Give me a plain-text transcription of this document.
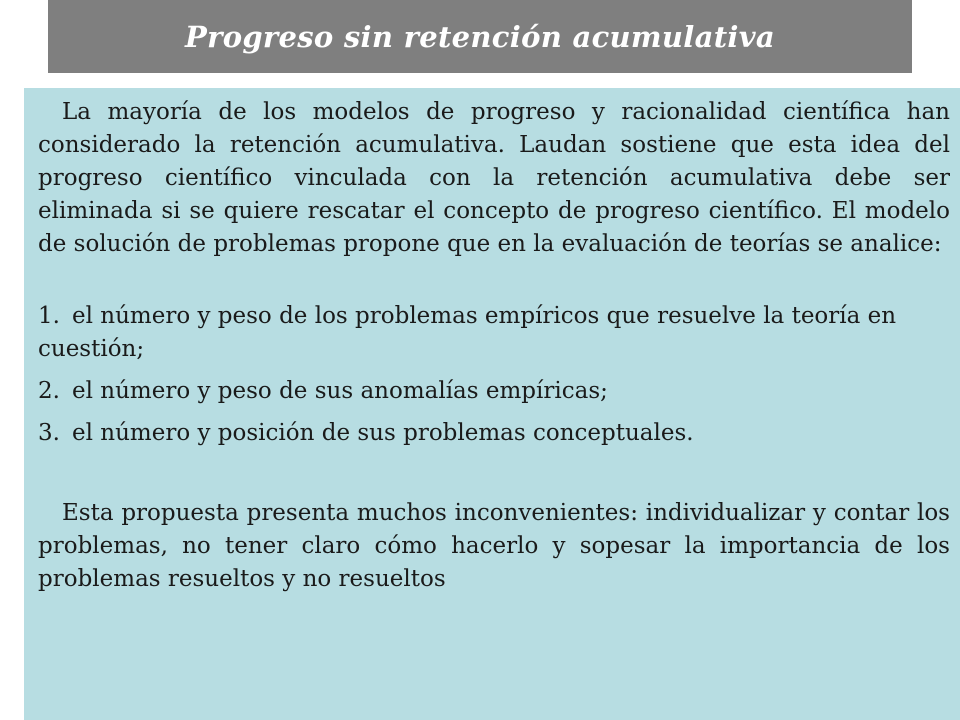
Progreso sin retención acumulativa

La mayoría de los modelos de progreso y racionalidad científica han considerado la retención acumulativa. Laudan sostiene que esta idea del progreso científico vinculada con la retención acumulativa debe ser eliminada si se quiere rescatar el concepto de progreso científico. El modelo de solución de problemas propone que en la evaluación de teorías se analice:

1. el número y peso de los problemas empíricos que resuelve la teoría en cuestión;
2. el número y peso de sus anomalías empíricas;
3. el número y posición de sus problemas conceptuales.

Esta propuesta presenta muchos inconvenientes: individualizar y contar los problemas, no tener claro cómo hacerlo y sopesar la importancia de los problemas resueltos y no resueltos
